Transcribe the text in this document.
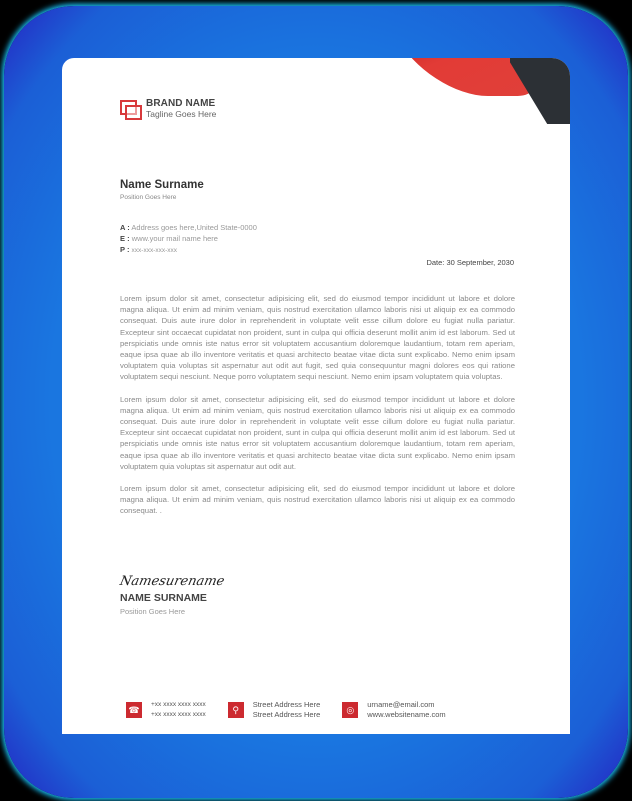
BRAND NAME
Tagline Goes Here
Name Surname
Position Goes Here
A : Address goes here,United State-0000
E : www.your mail name here
P : xxx-xxx-xxx-xxx
Date: 30 September, 2030

Lorem ipsum dolor sit amet, consectetur adipisicing elit, sed do eiusmod tempor incididunt ut labore et dolore magna aliqua. Ut enim ad minim veniam, quis nostrud exercitation ullamco laboris nisi ut aliquip ex ea commodo consequat. Duis aute irure dolor in reprehenderit in voluptate velit esse cillum dolore eu fugiat nulla pariatur. Excepteur sint occaecat cupidatat non proident, sunt in culpa qui officia deserunt mollit anim id est laborum. Sed ut perspiciatis unde omnis iste natus error sit voluptatem accusantium doloremque laudantium, totam rem aperiam, eaque ipsa quae ab illo inventore veritatis et quasi architecto beatae vitae dicta sunt explicabo. Nemo enim ipsam voluptatem quia voluptas sit aspernatur aut odit aut fugit, sed quia consequuntur magni dolores eos qui ratione voluptatem sequi nesciunt. Neque porro voluptatem sequi nesciunt. Nemo enim ipsam voluptatem quia voluptas.

Lorem ipsum dolor sit amet, consectetur adipisicing elit, sed do eiusmod tempor incididunt ut labore et dolore magna aliqua. Ut enim ad minim veniam, quis nostrud exercitation ullamco laboris nisi ut aliquip ex ea commodo consequat. Duis aute irure dolor in reprehenderit in voluptate velit esse cillum dolore eu fugiat nulla pariatur. Excepteur sint occaecat cupidatat non proident, sunt in culpa qui officia deserunt mollit anim id est laborum. Sed ut perspiciatis unde omnis iste natus error sit voluptatem accusantium doloremque laudantium, totam rem aperiam, eaque ipsa quae ab illo inventore veritatis et quasi architecto beatae vitae dicta sunt explicabo. Nemo enim ipsam voluptatem quia voluptas sit aspernatur aut odit aut.

Lorem ipsum dolor sit amet, consectetur adipisicing elit, sed do eiusmod tempor incididunt ut labore et dolore magna aliqua. Ut enim ad minim veniam, quis nostrud exercitation ullamco laboris nisi ut aliquip ex ea commodo consequat. .

Namesurename
NAME SURNAME
Position Goes Here
☎	+xx xxxx xxxx xxxx
+xx xxxx xxxx xxxx	⚲	Street Address Here
Street Address Here	◎	urname@email.com
www.websitename.com
